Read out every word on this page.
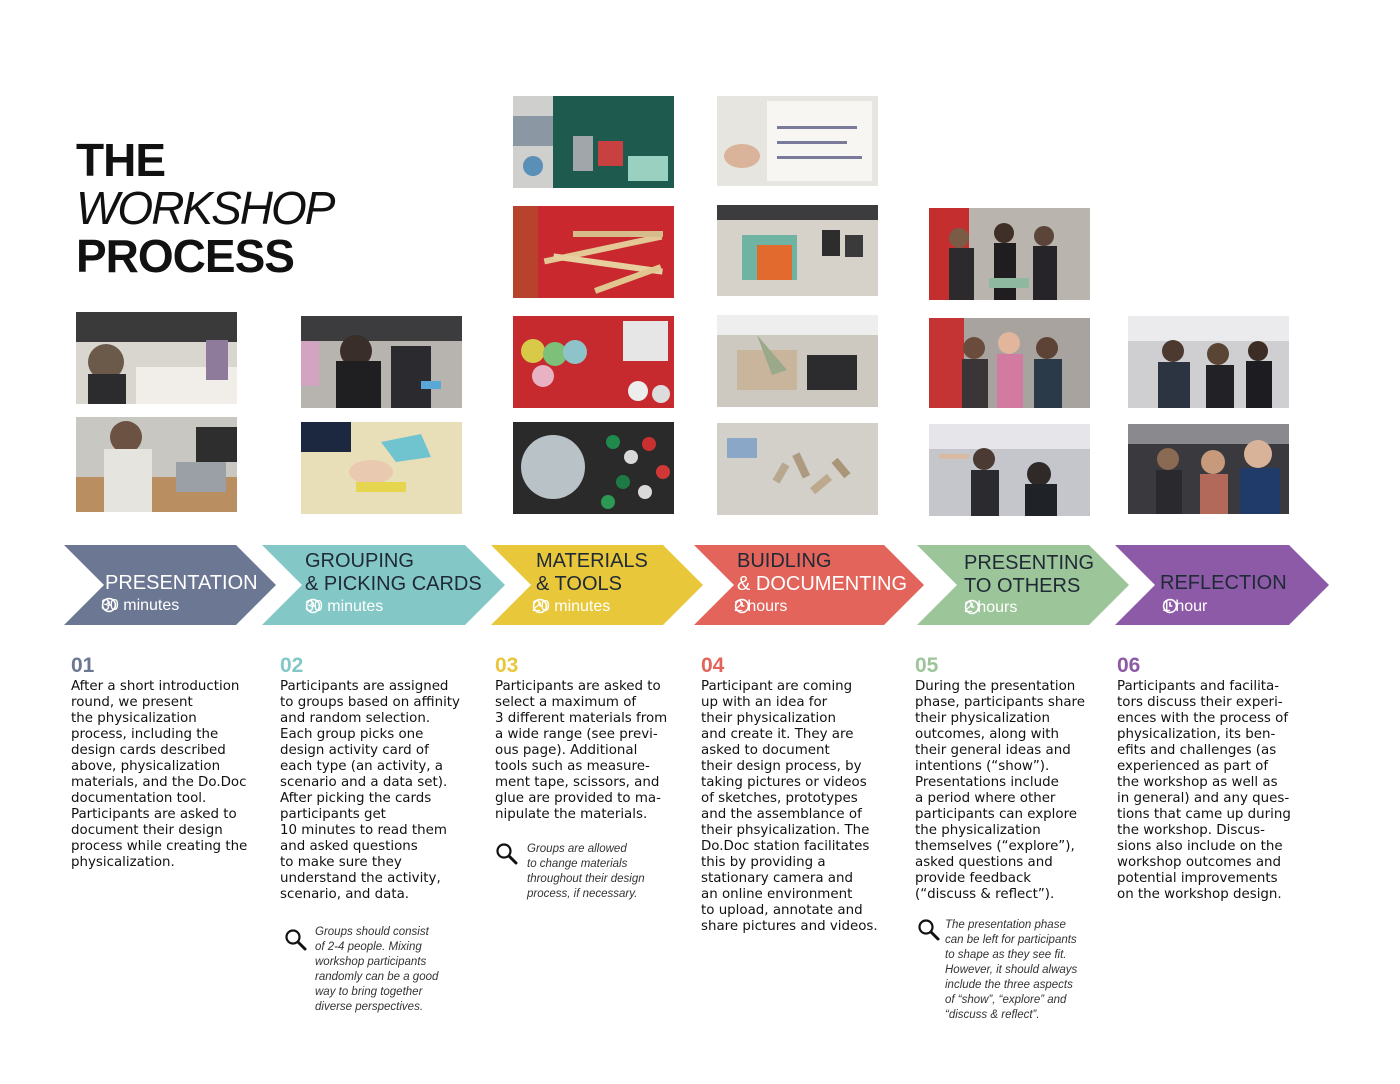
THE
WORKSHOP
PROCESS
PRESENTATION
30 minutes
GROUPING
& PICKING CARDS
30 minutes
MATERIALS
& TOOLS
20 minutes
BUIDLING
& DOCUMENTING
2 hours
PRESENTING
TO OTHERS
2 hours
REFLECTION
1 hour
01	02	03	04	05	06
After a short introduction
round, we present
the physicalization
process, including the
design cards described
above, physicalization
materials, and the Do.Doc
documentation tool.
Participants are asked to
document their design
process while creating the
physicalization.
Participants are assigned
to groups based on affinity
and random selection.
Each group picks one
design activity card of
each type (an activity, a
scenario and a data set).
After picking the cards
participants get
10 minutes to read them
and asked questions
to make sure they
understand the activity,
scenario, and data.
Participants are asked to
select a maximum of
3 different materials from
a wide range (see previ-
ous page). Additional
tools such as measure-
ment tape, scissors, and
glue are provided to ma-
nipulate the materials.
Participant are coming
up with an idea for
their physicalization
and create it. They are
asked to document
their design process, by
taking pictures or videos
of sketches, prototypes
and the assemblance of
their phsyicalization. The
Do.Doc station facilitates
this by providing a
stationary camera and
an online environment
to upload, annotate and
share pictures and videos.
During the presentation
phase, participants share
their physicalization
outcomes, along with
their general ideas and
intentions (“show”).
Presentations include
a period where other
participants can explore
the physicalization
themselves (“explore”),
asked questions and
provide feedback
(“discuss & reflect”).
Participants and facilita-
tors discuss their experi-
ences with the process of
physicalization, its ben-
efits and challenges (as
experienced as part of
the workshop as well as
in general) and any ques-
tions that came up during
the workshop. Discus-
sions also include on the
workshop outcomes and
potential improvements
on the workshop design.
Groups should consist
of 2-4 people. Mixing
workshop participants
randomly can be a good
way to bring together
diverse perspectives.
Groups are allowed
to change materials
throughout their design
process, if necessary.
The presentation phase
can be left for participants
to shape as they see fit.
However, it should always
include the three aspects
of “show”, “explore” and
“discuss & reflect”.
